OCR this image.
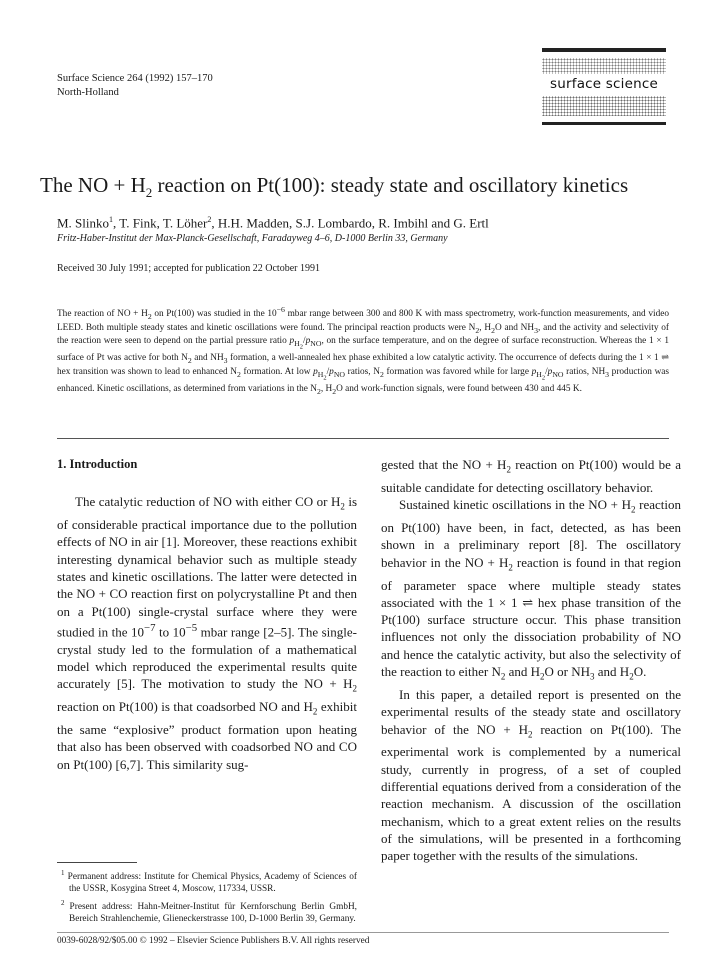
Surface Science 264 (1992) 157–170
North-Holland
surface science
The NO + $H_2$ reaction on Pt(100): steady state and oscillatory kinetics
M. Slinko$^1$, T. Fink, T. Löher$^2$, H.H. Madden, S.J. Lombardo, R. Imbihl and G. Ertl
Fritz-Haber-Institut der Max-Planck-Gesellschaft, Faradayweg 4–6, D-1000 Berlin 33, Germany
Received 30 July 1991; accepted for publication 22 October 1991
The reaction of NO + $H_2$ on Pt(100) was studied in the $10^{-6}$ mbar range between 300 and 800 K with mass spectrometry, work-function measurements, and video LEED. Both multiple steady states and kinetic oscillations were found. The principal reaction products were $N_2$, $H_2O$ and $NH_3$, and the activity and selectivity of the reaction were seen to depend on the partial pressure ratio $p_{H_2}/p_{NO}$, on the surface temperature, and on the degree of surface reconstruction. Whereas the 1 × 1 surface of Pt was active for both $N_2$ and $NH_3$ formation, a well-annealed hex phase exhibited a low catalytic activity. The occurrence of defects during the 1 × 1 ⇌ hex transition was shown to lead to enhanced $N_2$ formation. At low $p_{H_2}/p_{NO}$ ratios, $N_2$ formation was favored while for large $p_{H_2}/p_{NO}$ ratios, $NH_3$ production was enhanced. Kinetic oscillations, as determined from variations in the $N_2$, $H_2O$ and work-function signals, were found between 430 and 445 K.

1. Introduction

The catalytic reduction of NO with either CO or $H_2$ is of considerable practical importance due to the pollution effects of NO in air [1]. Moreover, these reactions exhibit interesting dynamical behavior such as multiple steady states and kinetic oscillations. The latter were detected in the NO + CO reaction first on polycrystalline Pt and then on a Pt(100) single-crystal surface where they were studied in the $10^{-7}$ to $10^{-5}$ mbar range [2–5]. The single-crystal study led to the formulation of a mathematical model which reproduced the experimental results quite accurately [5]. The motivation to study the NO + $H_2$ reaction on Pt(100) is that coadsorbed NO and $H_2$ exhibit the same “explosive” product formation upon heating that also has been observed with coadsorbed NO and CO on Pt(100) [6,7]. This similarity sug-

gested that the NO + $H_2$ reaction on Pt(100) would be a suitable candidate for detecting oscillatory behavior.

Sustained kinetic oscillations in the NO + $H_2$ reaction on Pt(100) have been, in fact, detected, as has been shown in a preliminary report [8]. The oscillatory behavior in the NO + $H_2$ reaction is found in that region of parameter space where multiple steady states associated with the 1 × 1 ⇌ hex phase transition of the Pt(100) surface structure occur. This phase transition influences not only the dissociation probability of NO and hence the catalytic activity, but also the selectivity of the reaction to either $N_2$ and $H_2O$ or $NH_3$ and $H_2O$.

In this paper, a detailed report is presented on the experimental results of the steady state and oscillatory behavior of the NO + $H_2$ reaction on Pt(100). The experimental work is complemented by a numerical study, currently in progress, of a set of coupled differential equations derived from a consideration of the reaction mechanism. A discussion of the oscillation mechanism, which to a great extent relies on the results of the simulations, will be presented in a forthcoming paper together with the results of the simulations.

$^1$ Permanent address: Institute for Chemical Physics, Academy of Sciences of the USSR, Kosygina Street 4, Moscow, 117334, USSR.

$^2$ Present address: Hahn-Meitner-Institut für Kernforschung Berlin GmbH, Bereich Strahlenchemie, Glieneckerstrasse 100, D-1000 Berlin 39, Germany.

0039-6028/92/$05.00 © 1992 – Elsevier Science Publishers B.V. All rights reserved
